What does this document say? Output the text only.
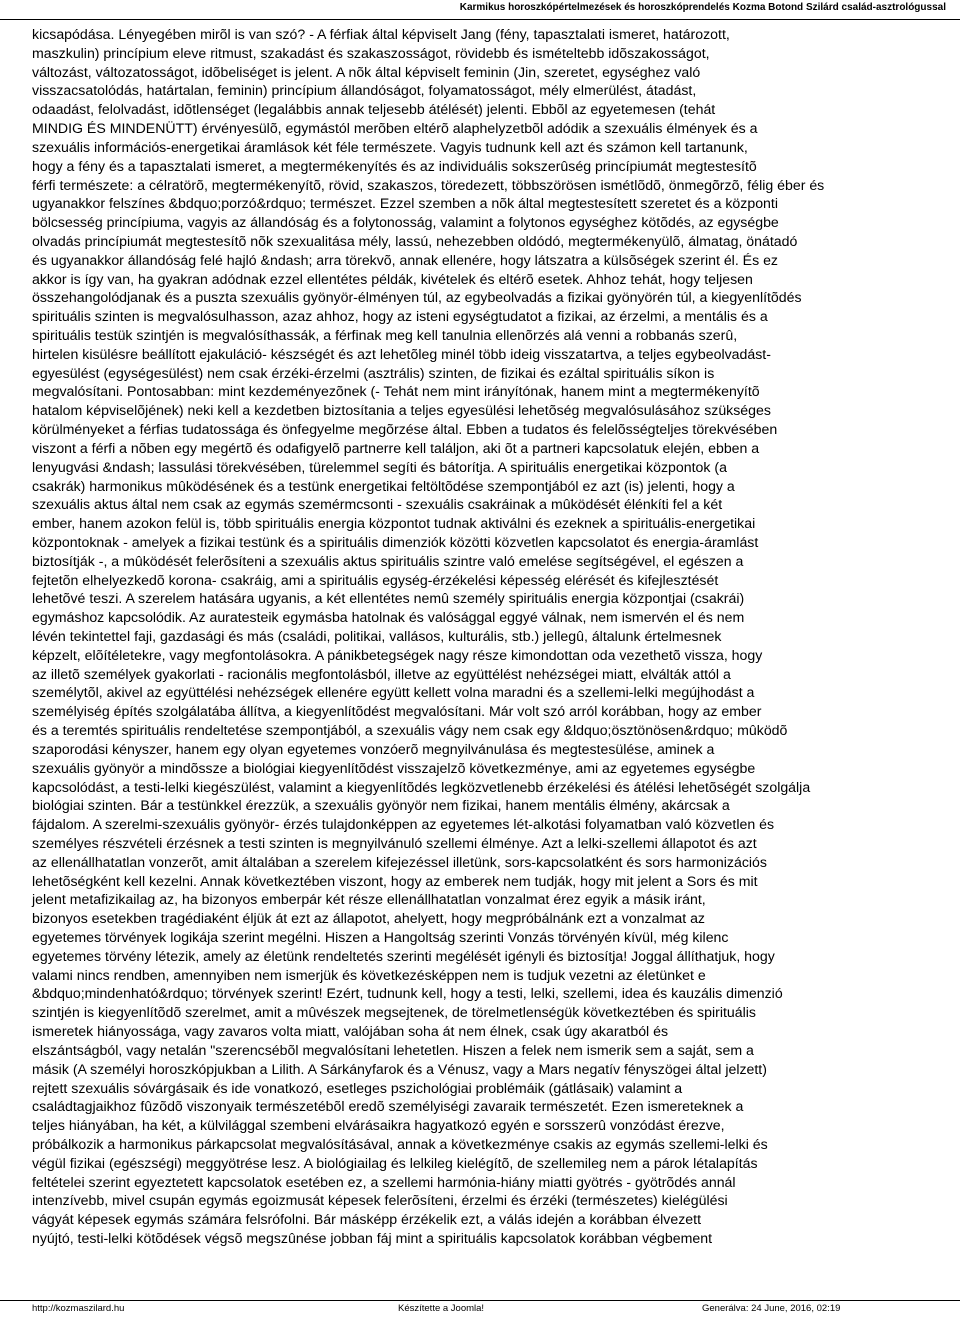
Karmikus horoszkópértelmezések és horoszkóprendelés Kozma Botond Szilárd család-asztrológussal
kicsapódása. Lényegében mirõl is van szó? - A férfiak által képviselt Jang (fény, tapasztalati ismeret, határozott,
maszkulin) princípium eleve ritmust, szakadást és szakaszosságot, rövidebb és ismételtebb idõszakosságot,
változást, változatosságot, idõbeliséget is jelent. A nõk által képviselt feminin (Jin, szeretet, egységhez való
visszacsatolódás, határtalan, feminin) princípium állandóságot, folyamatosságot, mély elmerülést, átadást,
odaadást, felolvadást, idõtlenséget (legalábbis annak teljesebb átélését) jelenti. Ebbõl az egyetemesen (tehát
MINDIG ÉS MINDENÜTT) érvényesülõ, egymástól merõben eltérõ alaphelyzetbõl adódik a szexuális élmények és a
szexuális információs-energetikai áramlások két féle természete. Vagyis tudnunk kell azt és számon kell tartanunk,
hogy a fény és a tapasztalati ismeret, a megtermékenyítés és az individuális sokszerûség princípiumát megtestesítõ
férfi természete: a célratörõ, megtermékenyítõ, rövid, szakaszos, töredezett, többszörösen ismétlõdõ, önmegõrzõ, félig éber és
ugyanakkor felszínes &bdquo;porzó&rdquo; természet. Ezzel szemben a nõk által megtestesített szeretet és a központi
bölcsesség princípiuma, vagyis az állandóság és a folytonosság, valamint a folytonos egységhez kötõdés, az egységbe
olvadás princípiumát megtestesítõ nõk szexualitása mély, lassú, nehezebben oldódó, megtermékenyülõ, álmatag, önátadó
és ugyanakkor állandóság felé hajló &ndash; arra törekvõ, annak ellenére, hogy látszatra a külsõségek szerint él. És ez
akkor is így van, ha gyakran adódnak ezzel ellentétes példák, kivételek és eltérõ esetek. Ahhoz tehát, hogy teljesen
összehangolódjanak és a puszta szexuális gyönyör-élményen túl, az egybeolvadás a fizikai gyönyörén túl, a kiegyenlítõdés
spirituális szinten is megvalósulhasson, azaz ahhoz, hogy az isteni egységtudatot a fizikai, az érzelmi, a mentális és a
spirituális testük szintjén is megvalósíthassák, a férfinak meg kell tanulnia ellenõrzés alá venni a robbanás szerû,
hirtelen kisülésre beállított ejakuláció- készségét és azt lehetõleg minél több ideig visszatartva, a teljes egybeolvadást-
egyesülést (egységesülést) nem csak érzéki-érzelmi (asztrális) szinten, de fizikai és ezáltal spirituális síkon is
megvalósítani. Pontosabban: mint kezdeményezõnek (- Tehát nem mint irányítónak, hanem mint a megtermékenyítõ
hatalom képviselõjének) neki kell a kezdetben biztosítania a teljes egyesülési lehetõség megvalósulásához szükséges
körülményeket a férfias tudatossága és önfegyelme megõrzése által. Ebben a tudatos és felelõsségteljes törekvésében
viszont a férfi a nõben egy megértõ és odafigyelõ partnerre kell találjon, aki õt a partneri kapcsolatuk elején, ebben a
lenyugvási &ndash; lassulási törekvésében, türelemmel segíti és bátorítja. A spirituális energetikai központok (a
csakrák) harmonikus mûködésének és a testünk energetikai feltöltõdése szempontjából ez azt (is) jelenti, hogy a
szexuális aktus által nem csak az egymás szemérmcsonti - szexuális csakráinak a mûködését élénkíti fel a két
ember, hanem azokon felül is, több spirituális energia központot tudnak aktiválni és ezeknek a spirituális-energetikai
központoknak - amelyek a fizikai testünk és a spirituális dimenziók közötti közvetlen kapcsolatot és energia-áramlást
biztosítják -, a mûködését felerõsíteni a szexuális aktus spirituális szintre való emelése segítségével, el egészen a
fejtetõn elhelyezkedõ korona- csakráig, ami a spirituális egység-érzékelési képesség elérését és kifejlesztését
lehetõvé teszi. A szerelem hatására ugyanis, a két ellentétes nemû személy spirituális energia központjai (csakrái)
egymáshoz kapcsolódik. Az auratesteik egymásba hatolnak és valósággal eggyé válnak, nem ismervén el és nem
lévén tekintettel faji, gazdasági és más (családi, politikai, vallásos, kulturális, stb.) jellegû, általunk értelmesnek
képzelt, elõítéletekre, vagy megfontolásokra. A pánikbetegségek nagy része kimondottan oda vezethetõ vissza, hogy
az illetõ személyek gyakorlati - racionális megfontolásból, illetve az együttélést nehézségei miatt, elválták attól a
személytõl, akivel az együttélési nehézségek ellenére együtt kellett volna maradni és a szellemi-lelki megújhodást a
személyiség építés szolgálatába állítva, a kiegyenlítõdést megvalósítani. Már volt szó arról korábban, hogy az ember
és a teremtés spirituális rendeltetése szempontjából, a szexuális vágy nem csak egy &ldquo;ösztönösen&rdquo; mûködõ
szaporodási kényszer, hanem egy olyan egyetemes vonzóerõ megnyilvánulása és megtestesülése, aminek a
szexuális gyönyör a mindõssze a biológiai kiegyenlítõdést visszajelzõ következménye, ami az egyetemes egységbe
kapcsolódást, a testi-lelki kiegészülést, valamint a kiegyenlítõdés legközvetlenebb érzékelési és átélési lehetõségét szolgálja
biológiai szinten. Bár a testünkkel érezzük, a szexuális gyönyör nem fizikai, hanem mentális élmény, akárcsak a
fájdalom. A szerelmi-szexuális gyönyör- érzés tulajdonképpen az egyetemes lét-alkotási folyamatban való közvetlen és
személyes részvételi érzésnek a testi szinten is megnyilvánuló szellemi élménye. Azt a lelki-szellemi állapotot és azt
az ellenállhatatlan vonzerõt, amit általában a szerelem kifejezéssel illetünk, sors-kapcsolatként és sors harmonizációs
lehetõségként kell kezelni. Annak következtében viszont, hogy az emberek nem tudják, hogy mit jelent a Sors és mit
jelent metafizikailag az, ha bizonyos emberpár két része ellenállhatatlan vonzalmat érez egyik a másik iránt,
bizonyos esetekben tragédiaként éljük át ezt az állapotot, ahelyett, hogy megpróbálnánk ezt a vonzalmat az
egyetemes törvények logikája szerint megélni. Hiszen a Hangoltság szerinti Vonzás törvényén kívül, még kilenc
egyetemes törvény létezik, amely az életünk rendeltetés szerinti megélését igényli és biztosítja! Joggal állíthatjuk, hogy
valami nincs rendben, amennyiben nem ismerjük és következésképpen nem is tudjuk vezetni az életünket e
&bdquo;mindenható&rdquo; törvények szerint! Ezért, tudnunk kell, hogy a testi, lelki, szellemi, idea és kauzális dimenzió
szintjén is kiegyenlítõdõ szerelmet, amit a mûvészek megsejtenek, de törelmetlenségük következtében és spirituális
ismeretek hiányossága, vagy zavaros volta miatt, valójában soha át nem élnek, csak úgy akaratból és
elszántságból, vagy netalán "szerencsébõl megvalósítani lehetetlen. Hiszen a felek nem ismerik sem a saját, sem a
másik (A személyi horoszkópjukban a Lilith. A Sárkányfarok és a Vénusz, vagy a Mars negatív fényszögei által jelzett)
rejtett szexuális sóvárgásaik és ide vonatkozó, esetleges pszichológiai problémáik (gátlásaik) valamint a
családtagjaikhoz fûzõdõ viszonyaik természetébõl eredõ személyiségi zavaraik természetét. Ezen ismereteknek a
teljes hiányában, ha két, a külvilággal szembeni elvárásaikra hagyatkozó egyén e sorsszerû vonzódást érezve,
próbálkozik a harmonikus párkapcsolat megvalósításával, annak a következménye csakis az egymás szellemi-lelki és
végül fizikai (egészségi) meggyötrése lesz. A biológiailag és lelkileg kielégítõ, de szellemileg nem a párok létalapítás
feltételei szerint egyeztetett kapcsolatok esetében ez, a szellemi harmónia-hiány miatti gyötrés - gyötrõdés annál
intenzívebb, mivel csupán egymás egoizmusát képesek felerõsíteni, érzelmi és érzéki (természetes) kielégülési
vágyát képesek egymás számára felsrófolni. Bár másképp érzékelik ezt, a válás idején a korábban élvezett
nyújtó, testi-lelki kötõdések végsõ megszûnése jobban fáj mint a spirituális kapcsolatok korábban végbement
http://kozmaszilard.hu	Készítette a Joomla!	Generálva: 24 June, 2016, 02:19
